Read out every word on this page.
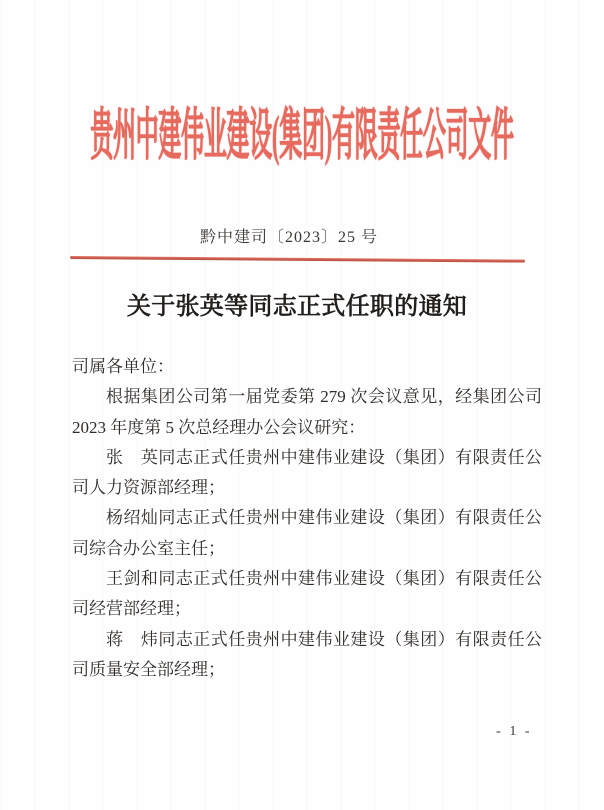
贵州中建伟业建设(集团)有限责任公司文件
黔中建司〔2023〕25 号
关于张英等同志正式任职的通知

司属各单位：

根据集团公司第一届党委第 279 次会议意见，经集团公司2023 年度第 5 次总经理办公会议研究：

张　英同志正式任贵州中建伟业建设（集团）有限责任公司人力资源部经理；

杨绍灿同志正式任贵州中建伟业建设（集团）有限责任公司综合办公室主任；

王剑和同志正式任贵州中建伟业建设（集团）有限责任公司经营部经理；

蒋　炜同志正式任贵州中建伟业建设（集团）有限责任公司质量安全部经理；

- 1 -
